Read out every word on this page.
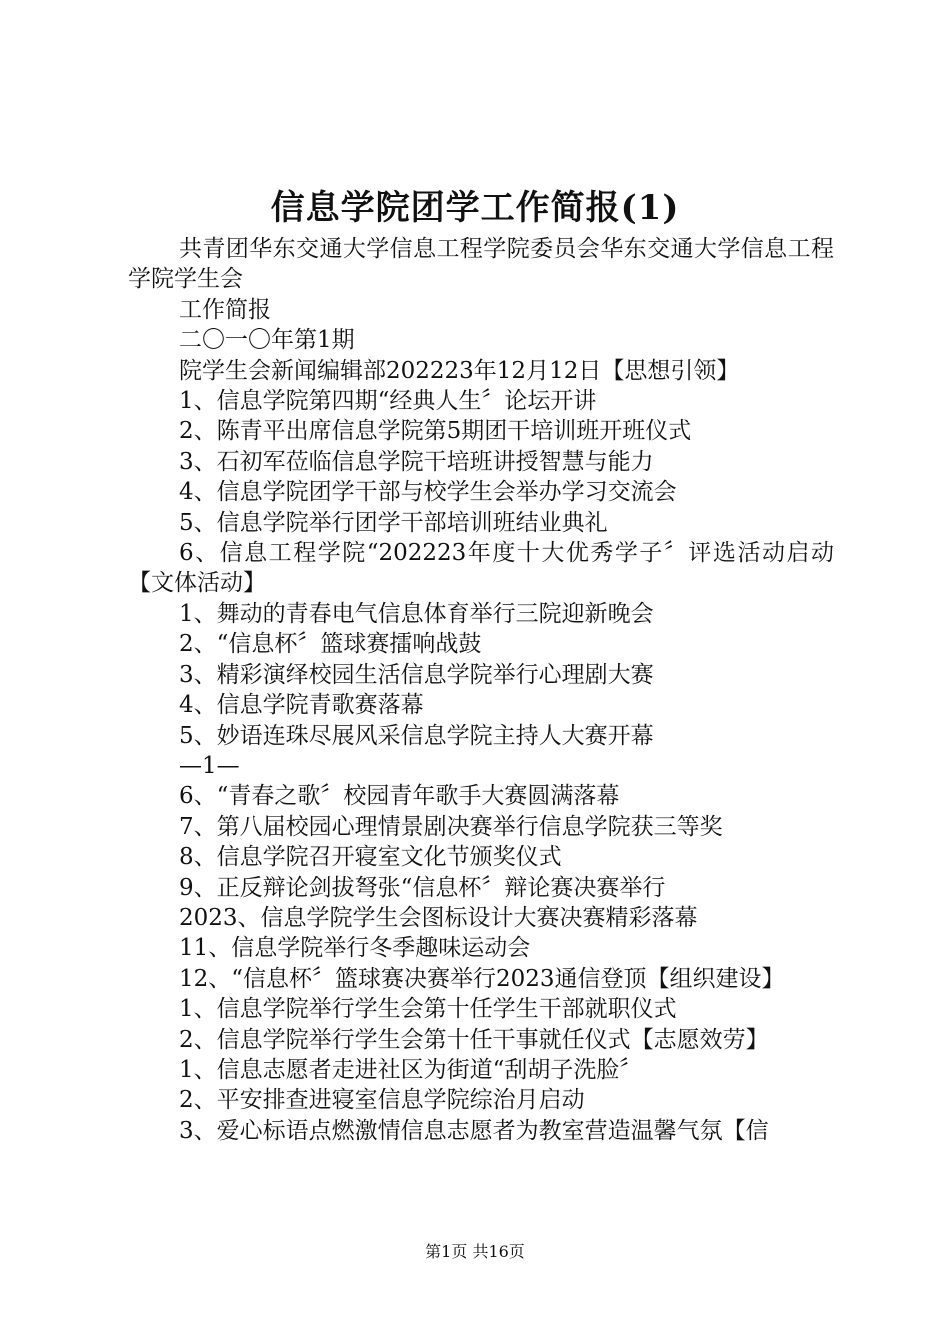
信息学院团学工作简报(1)
共青团华东交通大学信息工程学院委员会华东交通大学信息工程学院学生会
工作简报
二〇一〇年第1期
院学生会新闻编辑部202223年12月12日【思想引领】
1、信息学院第四期“经典人生〞论坛开讲
2、陈青平出席信息学院第5期团干培训班开班仪式
3、石初军莅临信息学院干培班讲授智慧与能力
4、信息学院团学干部与校学生会举办学习交流会
5、信息学院举行团学干部培训班结业典礼
6、信息工程学院“202223年度十大优秀学子〞评选活动启动【文体活动】
1、舞动的青春电气信息体育举行三院迎新晚会
2、“信息杯〞篮球赛擂响战鼓
3、精彩演绎校园生活信息学院举行心理剧大赛
4、信息学院青歌赛落幕
5、妙语连珠尽展风采信息学院主持人大赛开幕
—1—
6、“青春之歌〞校园青年歌手大赛圆满落幕
7、第八届校园心理情景剧决赛举行信息学院获三等奖
8、信息学院召开寝室文化节颁奖仪式
9、正反辩论剑拔弩张“信息杯〞辩论赛决赛举行
2023、信息学院学生会图标设计大赛决赛精彩落幕
11、信息学院举行冬季趣味运动会
12、“信息杯〞篮球赛决赛举行2023通信登顶【组织建设】
1、信息学院举行学生会第十任学生干部就职仪式
2、信息学院举行学生会第十任干事就任仪式【志愿效劳】
1、信息志愿者走进社区为街道“刮胡子洗脸〞
2、平安排查进寝室信息学院综治月启动
3、爱心标语点燃激情信息志愿者为教室营造温馨气氛【信
第1页 共16页
